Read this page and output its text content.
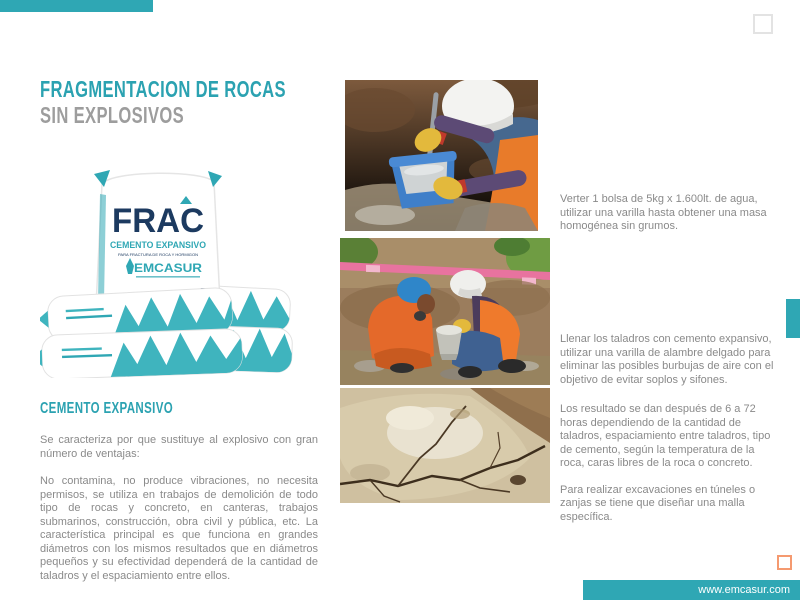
FRAGMENTACION DE ROCAS
SIN EXPLOSIVOS
FRAC
CEMENTO EXPANSIVO
PARA FRACTURA DE ROCA Y HORMIGON
EMCASUR
CEMENTO EXPANSIVO
Se caracteriza por que sustituye al explosivo con gran número de ventajas:
No contamina, no produce vibraciones, no necesita permisos, se utiliza en trabajos de demolición de todo tipo de rocas y concreto, en canteras, trabajos submarinos, construcción, obra civil y pública, etc. La característica principal es que funciona en grandes diámetros con los mismos resultados que en diámetros pequeños y su efectividad dependerá de la cantidad de taladros y el espaciamiento entre ellos.
Verter 1 bolsa de 5kg x 1.600lt. de agua, utilizar una varilla hasta obtener una masa homogénea sin grumos.
Llenar los taladros con cemento expansivo, utilizar una varilla de alambre delgado para eliminar las posibles burbujas de aire con el objetivo de evitar soplos y sifones.

Los resultado se dan después de 6 a 72 horas dependiendo de la cantidad de taladros, espaciamiento entre taladros, tipo de cemento, según la temperatura de la roca, caras libres de la roca o concreto.

Para realizar excavaciones en túneles o zanjas se tiene que diseñar una malla específica.

www.emcasur.com
